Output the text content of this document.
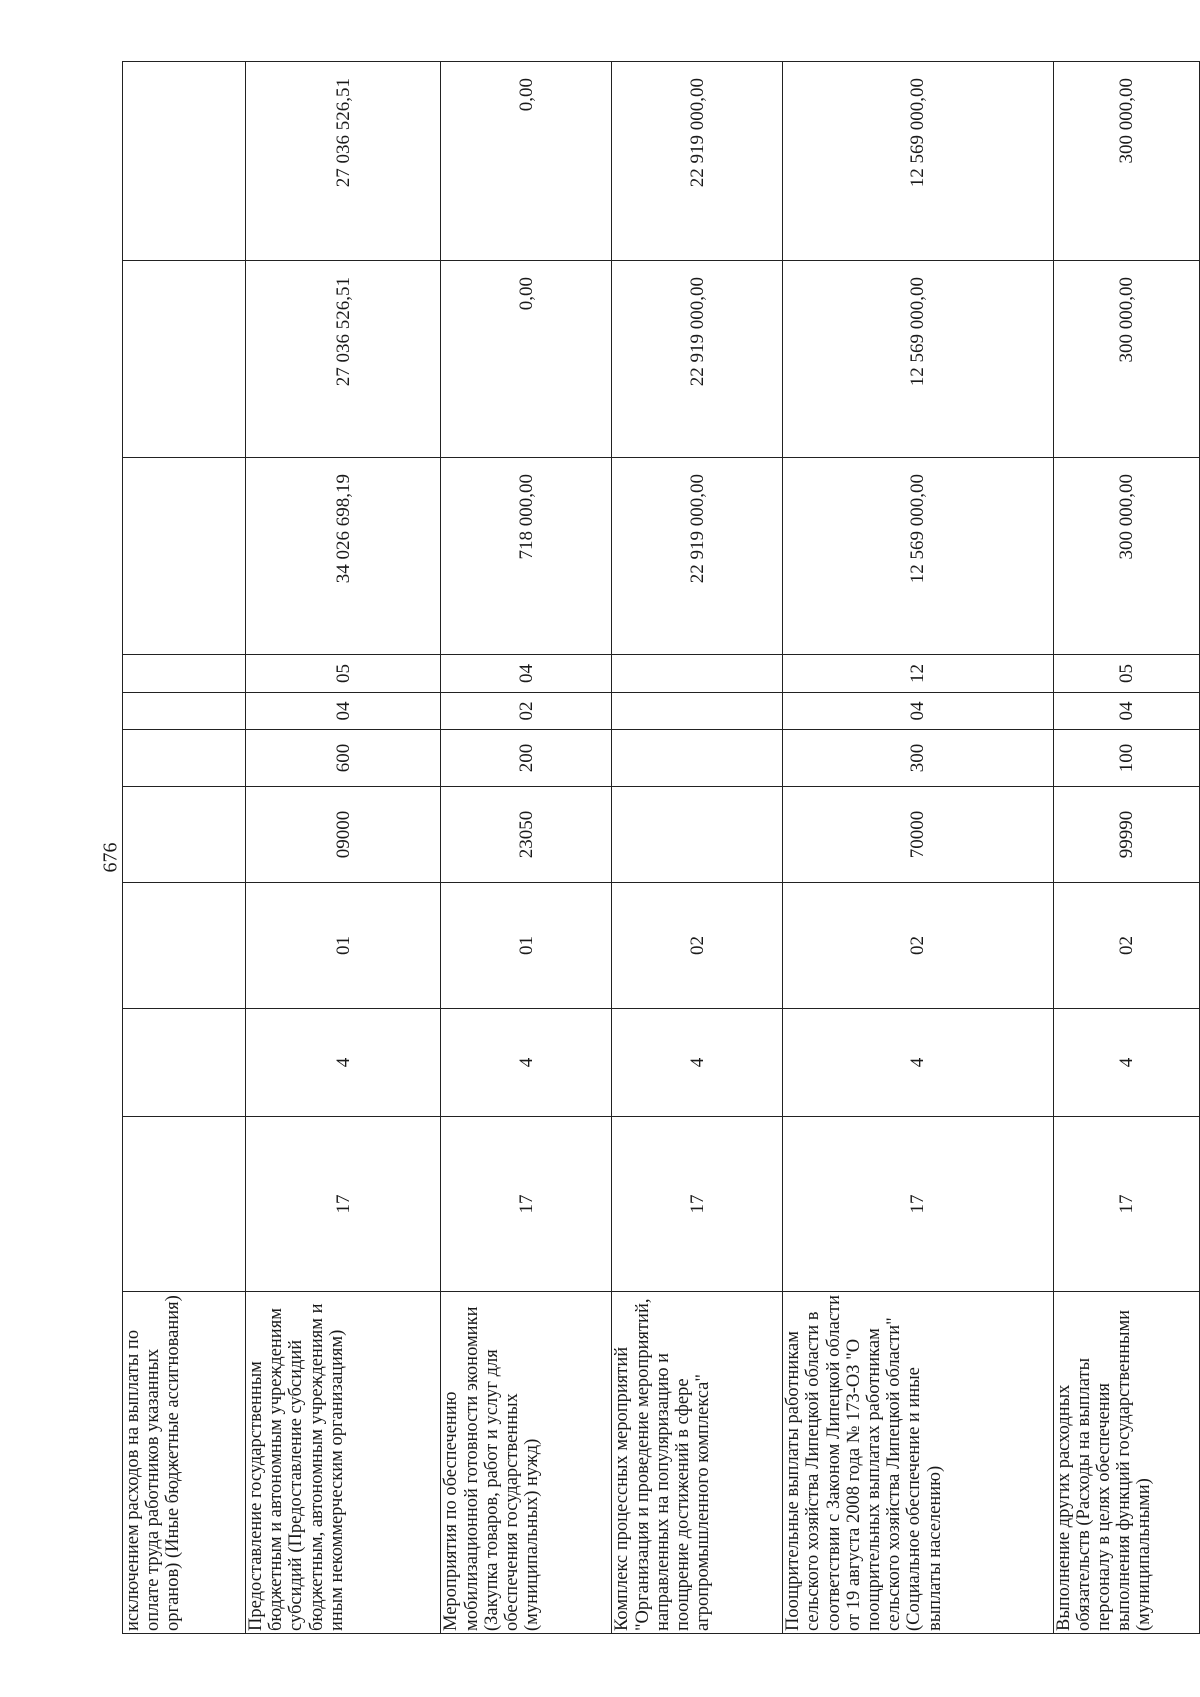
676
исключением расходов на выплаты по оплате труда работников указанных органов) (Иные бюджетные ассигнования)										
Предоставление государственным бюджетным и автономным учреждениям субсидий (Предоставление субсидий бюджетным, автономным учреждениям и иным некоммерческим организациям)	17	4	01	09000	600	04	05	34 026 698,19	27 036 526,51	27 036 526,51
Мероприятия по обеспечению мобилизационной готовности экономики (Закупка товаров, работ и услуг для обеспечения государственных (муниципальных) нужд)	17	4	01	23050	200	02	04	718 000,00	0,00	0,00
Комплекс процессных мероприятий "Организация и проведение мероприятий, направленных на популяризацию и поощрение достижений в сфере агропромышленного комплекса"	17	4	02					22 919 000,00	22 919 000,00	22 919 000,00
Поощрительные выплаты работникам сельского хозяйства Липецкой области в соответствии с Законом Липецкой области от 19 августа 2008 года № 173-ОЗ "О поощрительных выплатах работникам сельского хозяйства Липецкой области" (Социальное обеспечение и иные выплаты населению)	17	4	02	70000	300	04	12	12 569 000,00	12 569 000,00	12 569 000,00
Выполнение других расходных обязательств (Расходы на выплаты персоналу в целях обеспечения выполнения функций государственными (муниципальными)	17	4	02	99990	100	04	05	300 000,00	300 000,00	300 000,00
